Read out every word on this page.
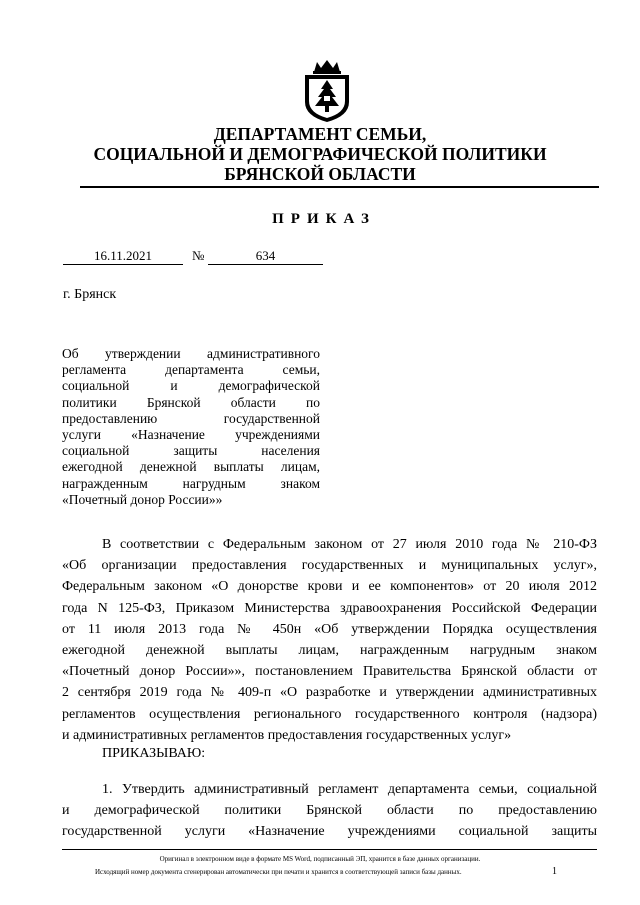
ДЕПАРТАМЕНТ СЕМЬИ,
СОЦИАЛЬНОЙ И ДЕМОГРАФИЧЕСКОЙ ПОЛИТИКИ
БРЯНСКОЙ ОБЛАСТИ
ПРИКАЗ
16.11.2021	№	634
г. Брянск
Об утверждении административного
регламента департамента семьи,
социальной и демографической
политики Брянской области по
предоставлению государственной
услуги «Назначение учреждениями
социальной защиты населения
ежегодной денежной выплаты лицам,
награжденным нагрудным знаком
«Почетный донор России»»
В соответствии с Федеральным законом от 27 июля 2010 года № 210-ФЗ
«Об организации предоставления государственных и муниципальных услуг»,
Федеральным законом «О донорстве крови и ее компонентов» от 20 июля 2012
года N 125-ФЗ, Приказом Министерства здравоохранения Российской Федерации
от 11 июля 2013 года № 450н «Об утверждении Порядка осуществления
ежегодной денежной выплаты лицам, награжденным нагрудным знаком
«Почетный донор России»», постановлением Правительства Брянской области от
2 сентября 2019 года № 409-п «О разработке и утверждении административных
регламентов осуществления регионального государственного контроля (надзора)
и административных регламентов предоставления государственных услуг»
ПРИКАЗЫВАЮ:
1. Утвердить административный регламент департамента семьи, социальной
и демографической политики Брянской области по предоставлению
государственной услуги «Назначение учреждениями социальной защиты
Оригинал в электронном виде в формате MS Word, подписанный ЭП, хранится в базе данных организации.
Исходящий номер документа сгенерирован автоматически при печати и хранится в соответствующей записи базы данных.	1
